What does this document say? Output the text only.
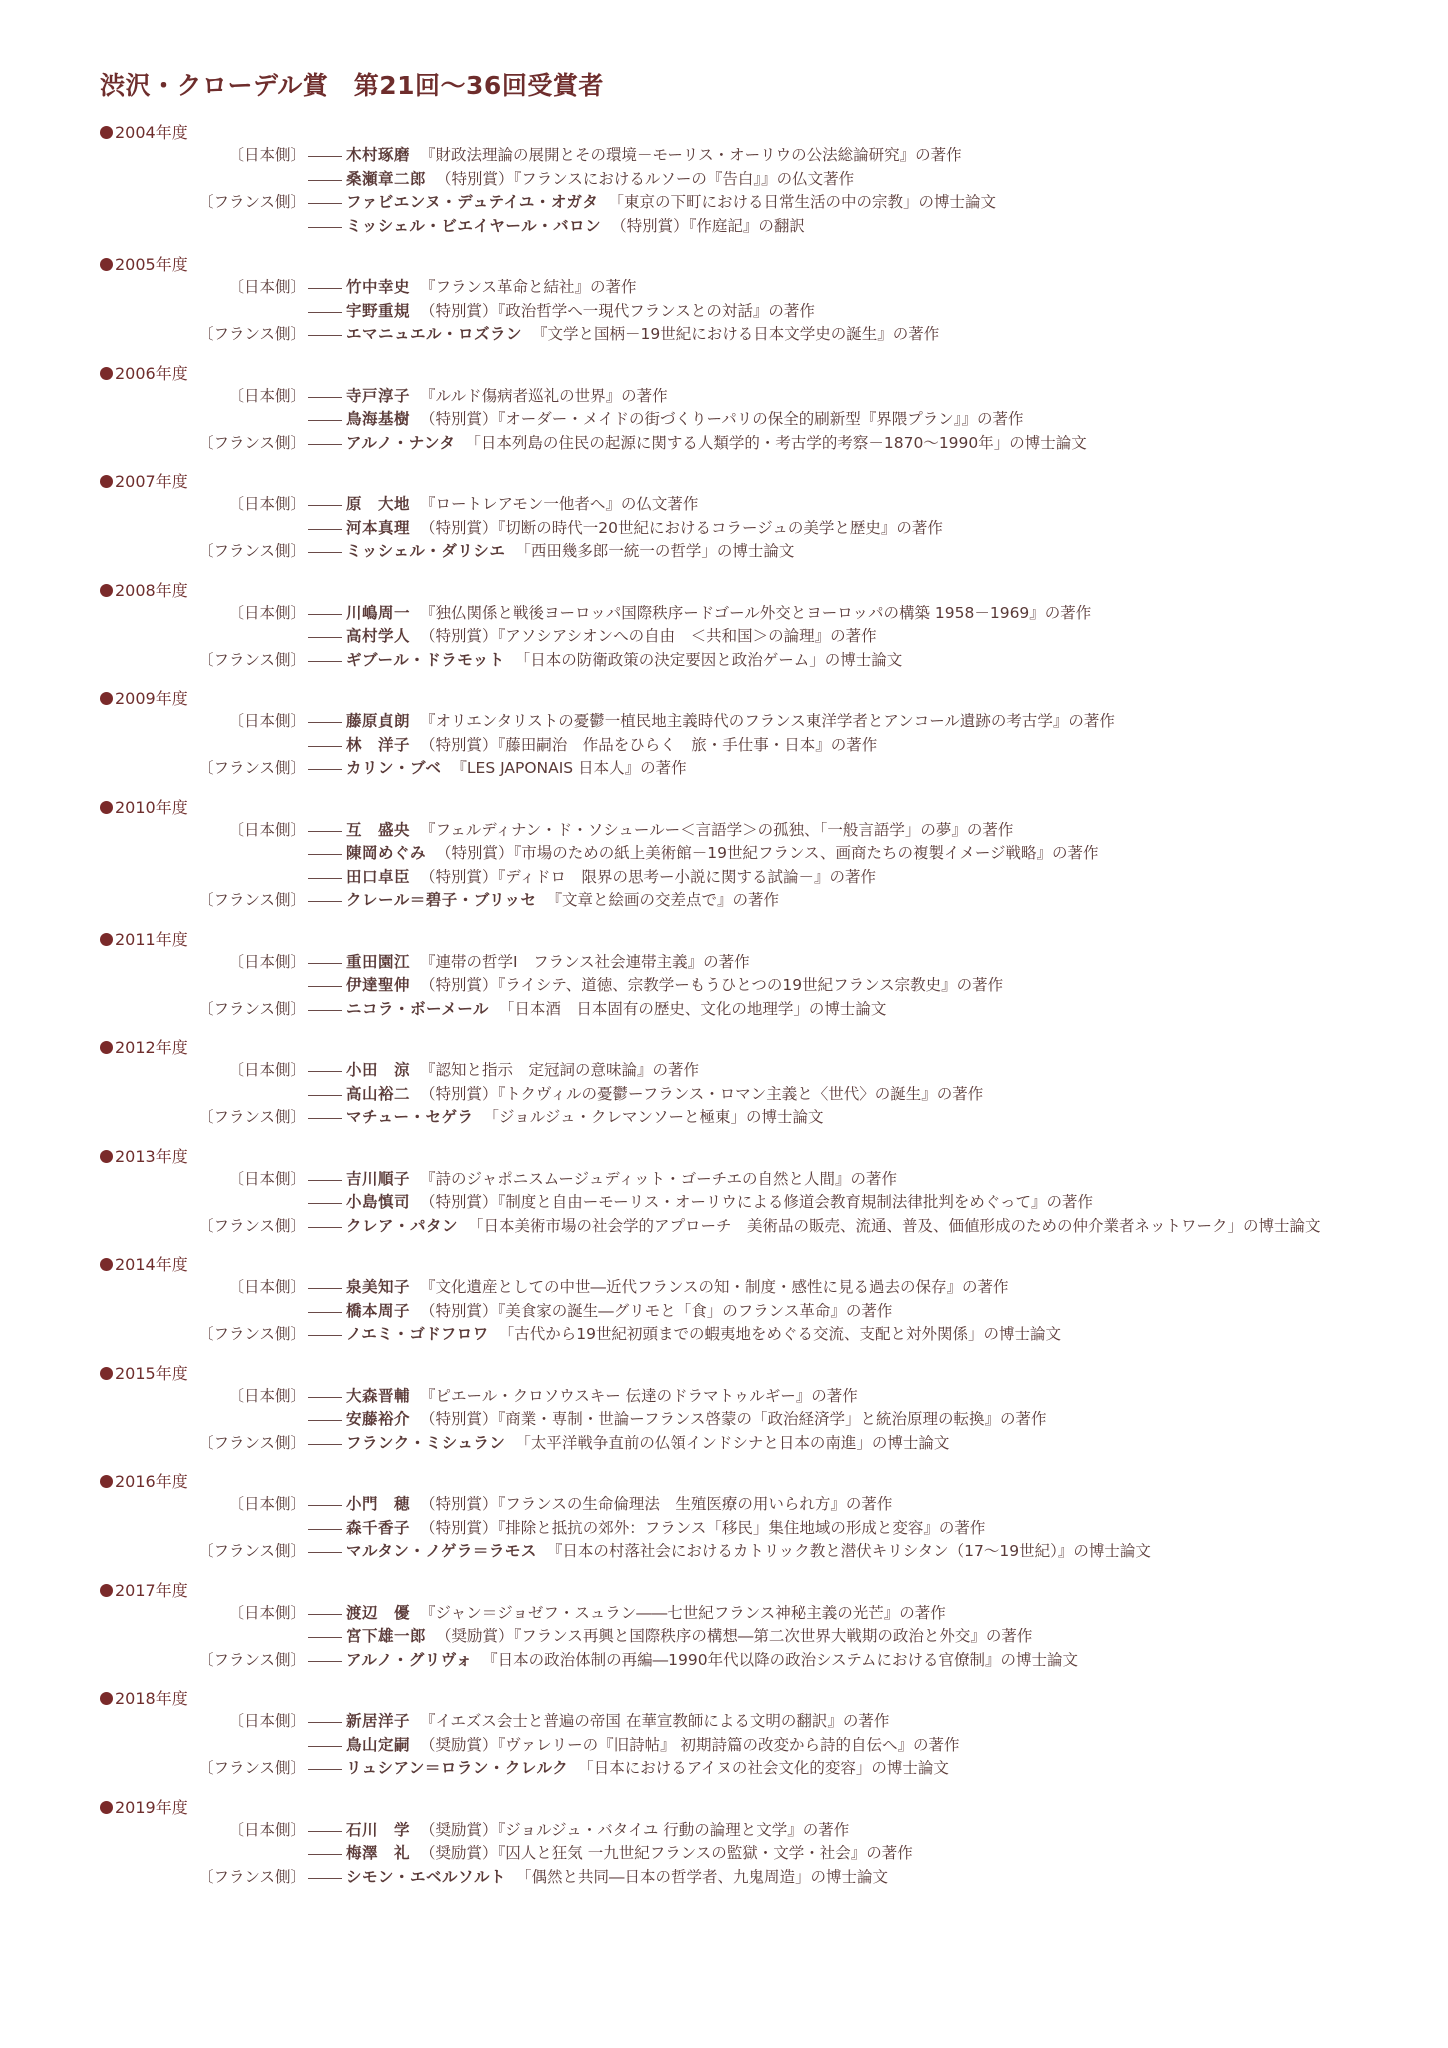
渋沢・クローデル賞　第21回〜36回受賞者
2004年度
〔日本側〕	木村琢磨 『財政法理論の展開とその環境－モーリス・オーリウの公法総論研究』の著作
桑瀬章二郎 （特別賞）『フランスにおけるルソーの『告白』』の仏文著作
〔フランス側〕	ファビエンヌ・デュテイユ・オガタ 「東京の下町における日常生活の中の宗教」の博士論文
ミッシェル・ビエイヤール・バロン （特別賞）『作庭記』の翻訳
2005年度
〔日本側〕	竹中幸史 『フランス革命と結社』の著作
宇野重規 （特別賞）『政治哲学へ一現代フランスとの対話』の著作
〔フランス側〕	エマニュエル・ロズラン 『文学と国柄－19世紀における日本文学史の誕生』の著作
2006年度
〔日本側〕	寺戸淳子 『ルルド傷病者巡礼の世界』の著作
鳥海基樹 （特別賞）『オーダー・メイドの街づくりーパリの保全的刷新型『界隈プラン』』の著作
〔フランス側〕	アルノ・ナンタ 「日本列島の住民の起源に関する人類学的・考古学的考察－1870〜1990年」の博士論文
2007年度
〔日本側〕	原　大地 『ロートレアモン一他者へ』の仏文著作
河本真理 （特別賞）『切断の時代一20世紀におけるコラージュの美学と歴史』の著作
〔フランス側〕	ミッシェル・ダリシエ 「西田幾多郎一統一の哲学」の博士論文
2008年度
〔日本側〕	川嶋周一 『独仏関係と戦後ヨーロッパ国際秩序ードゴール外交とヨーロッパの構築 1958－1969』の著作
高村学人 （特別賞）『アソシアシオンへの自由　＜共和国＞の論理』の著作
〔フランス側〕	ギブール・ドラモット 「日本の防衛政策の決定要因と政治ゲーム」の博士論文
2009年度
〔日本側〕	藤原貞朗 『オリエンタリストの憂鬱一植民地主義時代のフランス東洋学者とアンコール遺跡の考古学』の著作
林　洋子 （特別賞）『藤田嗣治　作品をひらく　旅・手仕事・日本』の著作
〔フランス側〕	カリン・ブベ 『LES JAPONAIS 日本人』の著作
2010年度
〔日本側〕	互　盛央 『フェルディナン・ド・ソシュールー＜言語学＞の孤独、「一般言語学」の夢』の著作
陳岡めぐみ （特別賞）『市場のための紙上美術館－19世紀フランス、画商たちの複製イメージ戦略』の著作
田口卓臣 （特別賞）『ディドロ　限界の思考ー小説に関する試論－』の著作
〔フランス側〕	クレール＝碧子・ブリッセ 『文章と絵画の交差点で』の著作
2011年度
〔日本側〕	重田園江 『連帯の哲学Ⅰ　フランス社会連帯主義』の著作
伊達聖伸 （特別賞）『ライシテ、道徳、宗教学ーもうひとつの19世紀フランス宗教史』の著作
〔フランス側〕	ニコラ・ボーメール 「日本酒　日本固有の歴史、文化の地理学」の博士論文
2012年度
〔日本側〕	小田　涼 『認知と指示　定冠詞の意味論』の著作
高山裕二 （特別賞）『トクヴィルの憂鬱ーフランス・ロマン主義と〈世代〉の誕生』の著作
〔フランス側〕	マチュー・セゲラ 「ジョルジュ・クレマンソーと極東」の博士論文
2013年度
〔日本側〕	吉川順子 『詩のジャポニスムージュディット・ゴーチエの自然と人間』の著作
小島慎司 （特別賞）『制度と自由ーモーリス・オーリウによる修道会教育規制法律批判をめぐって』の著作
〔フランス側〕	クレア・パタン 「日本美術市場の社会学的アプローチ　美術品の販売、流通、普及、価値形成のための仲介業者ネットワーク」の博士論文
2014年度
〔日本側〕	泉美知子 『文化遺産としての中世―近代フランスの知・制度・感性に見る過去の保存』の著作
橋本周子 （特別賞）『美食家の誕生―グリモと「食」のフランス革命』の著作
〔フランス側〕	ノエミ・ゴドフロワ 「古代から19世紀初頭までの蝦夷地をめぐる交流、支配と対外関係」の博士論文
2015年度
〔日本側〕	大森晋輔 『ピエール・クロソウスキー 伝達のドラマトゥルギー』の著作
安藤裕介 （特別賞）『商業・専制・世論ーフランス啓蒙の「政治経済学」と統治原理の転換』の著作
〔フランス側〕	フランク・ミシュラン 「太平洋戦争直前の仏領インドシナと日本の南進」の博士論文
2016年度
〔日本側〕	小門　穂 （特別賞）『フランスの生命倫理法　生殖医療の用いられ方』の著作
森千香子 （特別賞）『排除と抵抗の郊外：フランス「移民」集住地域の形成と変容』の著作
〔フランス側〕	マルタン・ノゲラ＝ラモス 『日本の村落社会におけるカトリック教と潜伏キリシタン（17〜19世紀）』の博士論文
2017年度
〔日本側〕	渡辺　優 『ジャン＝ジョゼフ・スュラン――七世紀フランス神秘主義の光芒』の著作
宮下雄一郎 （奨励賞）『フランス再興と国際秩序の構想―第二次世界大戦期の政治と外交』の著作
〔フランス側〕	アルノ・グリヴォ 『日本の政治体制の再編―1990年代以降の政治システムにおける官僚制』の博士論文
2018年度
〔日本側〕	新居洋子 『イエズス会士と普遍の帝国 在華宣教師による文明の翻訳』の著作
鳥山定嗣 （奨励賞）『ヴァレリーの『旧詩帖』 初期詩篇の改変から詩的自伝へ』の著作
〔フランス側〕	リュシアン＝ロラン・クレルク 「日本におけるアイヌの社会文化的変容」の博士論文
2019年度
〔日本側〕	石川　学 （奨励賞）『ジョルジュ・バタイユ 行動の論理と文学』の著作
梅澤　礼 （奨励賞）『囚人と狂気 一九世紀フランスの監獄・文学・社会』の著作
〔フランス側〕	シモン・エベルソルト 「偶然と共同―日本の哲学者、九鬼周造」の博士論文
